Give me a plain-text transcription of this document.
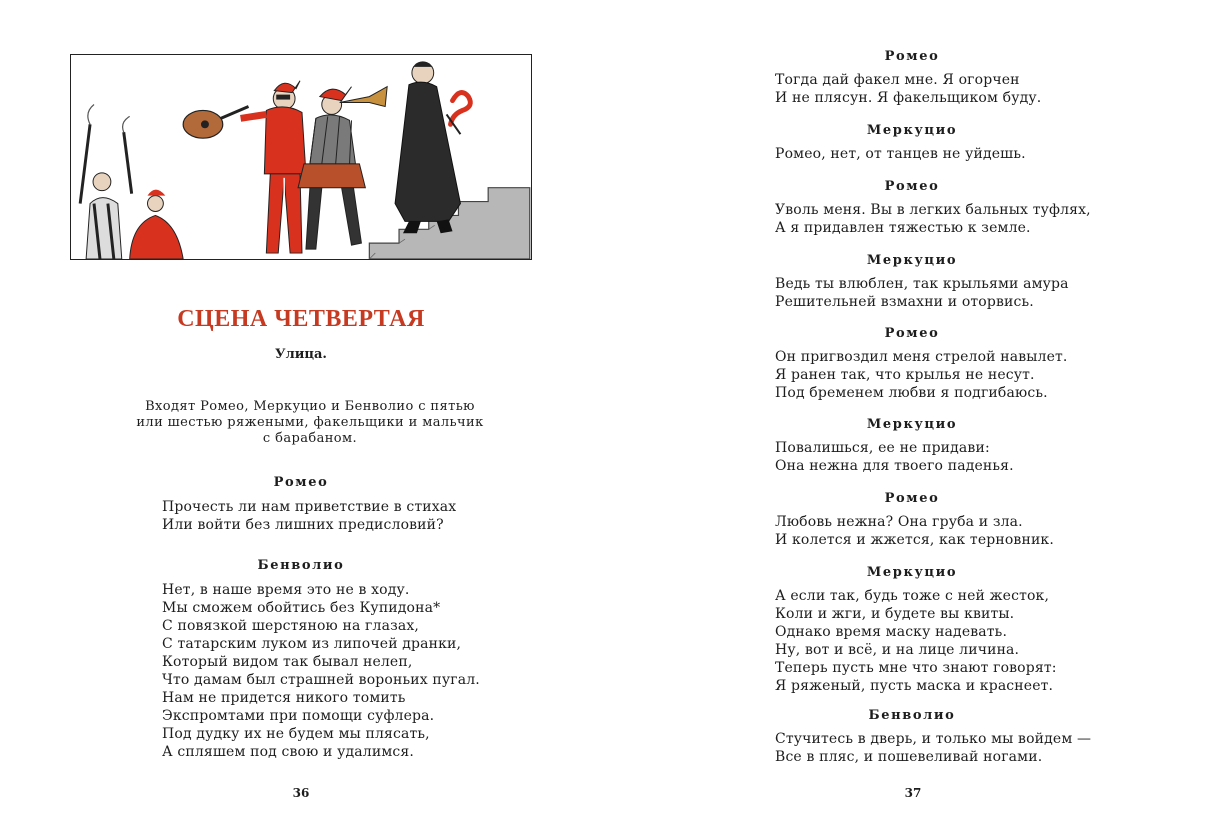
СЦЕНА ЧЕТВЕРТАЯ
Улица.
Входят Ромео, Меркуцио и Бенволио с пятью
или шестью ряжеными, факельщики и мальчик
с барабаном.
Ромео
Прочесть ли нам приветствие в стихах
Или войти без лишних предисловий?
Бенволио
Нет, в наше время это не в ходу.
Мы сможем обойтись без Купидона*
С повязкой шерстяною на глазах,
С татарским луком из липочей дранки,
Который видом так бывал нелеп,
Что дамам был страшней вороньих пугал.
Нам не придется никого томить
Экспромтами при помощи суфлера.
Под дудку их не будем мы плясать,
А спляшем под свою и удалимся.
36
Ромео
Тогда дай факел мне. Я огорчен
И не плясун. Я факельщиком буду.
Меркуцио
Ромео, нет, от танцев не уйдешь.
Ромео
Уволь меня. Вы в легких бальных туфлях,
А я придавлен тяжестью к земле.
Меркуцио
Ведь ты влюблен, так крыльями амура
Решительней взмахни и оторвись.
Ромео
Он пригвоздил меня стрелой навылет.
Я ранен так, что крылья не несут.
Под бременем любви я подгибаюсь.
Меркуцио
Повалишься, ее не придави:
Она нежна для твоего паденья.
Ромео
Любовь нежна? Она груба и зла.
И колется и жжется, как терновник.
Меркуцио
А если так, будь тоже с ней жесток,
Коли и жги, и будете вы квиты.
Однако время маску надевать.
Ну, вот и всё, и на лице личина.
Теперь пусть мне что знают говорят:
Я ряженый, пусть маска и краснеет.
Бенволио
Стучитесь в дверь, и только мы войдем —
Все в пляс, и пошевеливай ногами.
37
